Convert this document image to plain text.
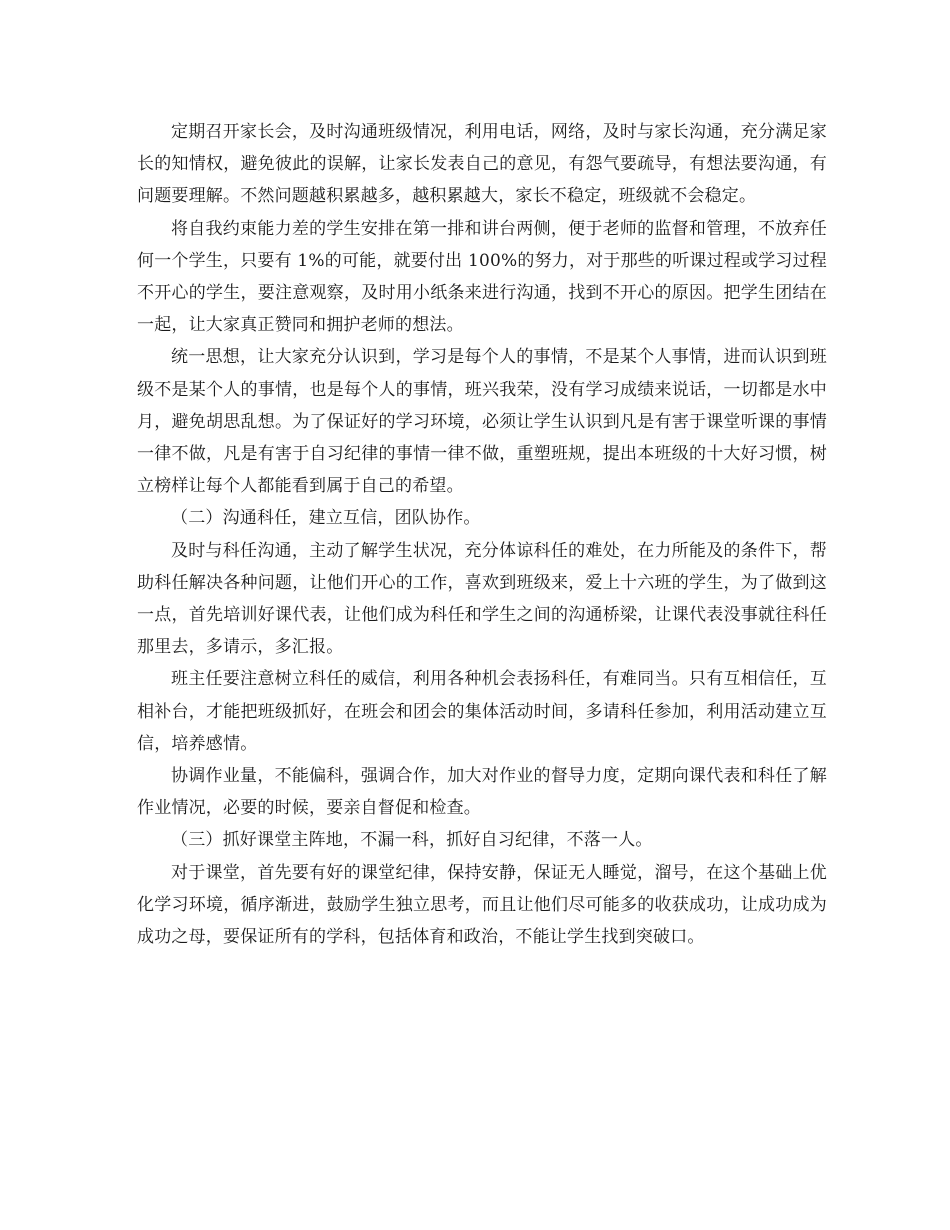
定期召开家长会，及时沟通班级情况，利用电话，网络，及时与家长沟通，充分满足家长的知情权，避免彼此的误解，让家长发表自己的意见，有怨气要疏导，有想法要沟通，有问题要理解。不然问题越积累越多，越积累越大，家长不稳定，班级就不会稳定。

将自我约束能力差的学生安排在第一排和讲台两侧，便于老师的监督和管理，不放弃任何一个学生，只要有 1%的可能，就要付出 100%的努力，对于那些的听课过程或学习过程不开心的学生，要注意观察，及时用小纸条来进行沟通，找到不开心的原因。把学生团结在一起，让大家真正赞同和拥护老师的想法。

统一思想，让大家充分认识到，学习是每个人的事情，不是某个人事情，进而认识到班级不是某个人的事情，也是每个人的事情，班兴我荣，没有学习成绩来说话，一切都是水中月，避免胡思乱想。为了保证好的学习环境，必须让学生认识到凡是有害于课堂听课的事情一律不做，凡是有害于自习纪律的事情一律不做，重塑班规，提出本班级的十大好习惯，树立榜样让每个人都能看到属于自己的希望。

（二）沟通科任，建立互信，团队协作。

及时与科任沟通，主动了解学生状况，充分体谅科任的难处，在力所能及的条件下，帮助科任解决各种问题，让他们开心的工作，喜欢到班级来，爱上十六班的学生，为了做到这一点，首先培训好课代表，让他们成为科任和学生之间的沟通桥梁，让课代表没事就往科任那里去，多请示，多汇报。

班主任要注意树立科任的威信，利用各种机会表扬科任，有难同当。只有互相信任，互相补台，才能把班级抓好，在班会和团会的集体活动时间，多请科任参加，利用活动建立互信，培养感情。

协调作业量，不能偏科，强调合作，加大对作业的督导力度，定期向课代表和科任了解作业情况，必要的时候，要亲自督促和检查。

（三）抓好课堂主阵地，不漏一科，抓好自习纪律，不落一人。

对于课堂，首先要有好的课堂纪律，保持安静，保证无人睡觉，溜号，在这个基础上优化学习环境，循序渐进，鼓励学生独立思考，而且让他们尽可能多的收获成功，让成功成为成功之母，要保证所有的学科，包括体育和政治，不能让学生找到突破口。
